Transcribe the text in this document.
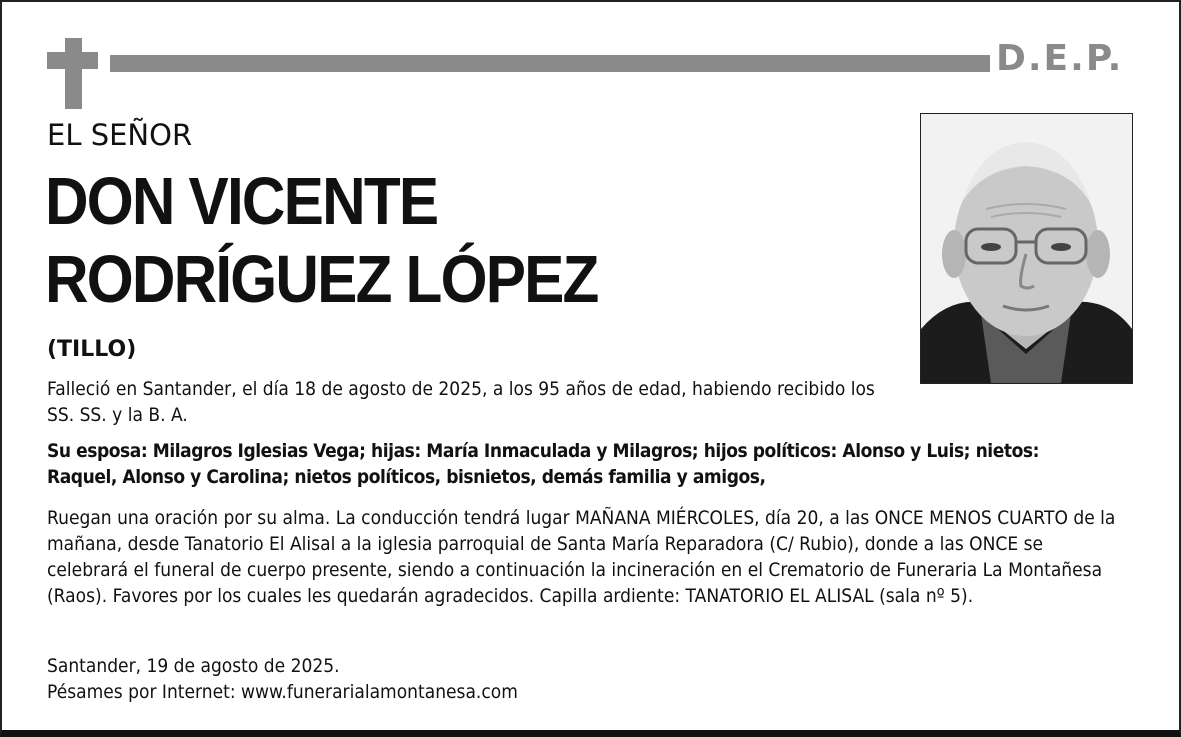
D.E.P.
EL SEÑOR
DON VICENTE
RODRÍGUEZ LÓPEZ
(TILLO)

Falleció en Santander, el día 18 de agosto de 2025, a los 95 años de edad, habiendo recibido los SS. SS. y la B. A.

Su esposa: Milagros Iglesias Vega; hijas: María Inmaculada y Milagros; hijos políticos: Alonso y Luis; nietos: Raquel, Alonso y Carolina; nietos políticos, bisnietos, demás familia y amigos,

Ruegan una oración por su alma. La conducción tendrá lugar MAÑANA MIÉRCOLES, día 20, a las ONCE MENOS CUARTO de la mañana, desde Tanatorio El Alisal a la iglesia parroquial de Santa María Reparadora (C/ Rubio), donde a las ONCE se celebrará el funeral de cuerpo presente, siendo a continuación la incineración en el Crematorio de Funeraria La Montañesa (Raos). Favores por los cuales les quedarán agradecidos. Capilla ardiente: TANATORIO EL ALISAL (sala nº 5).

Santander, 19 de agosto de 2025.
Pésames por Internet: www.funerarialamontanesa.com
